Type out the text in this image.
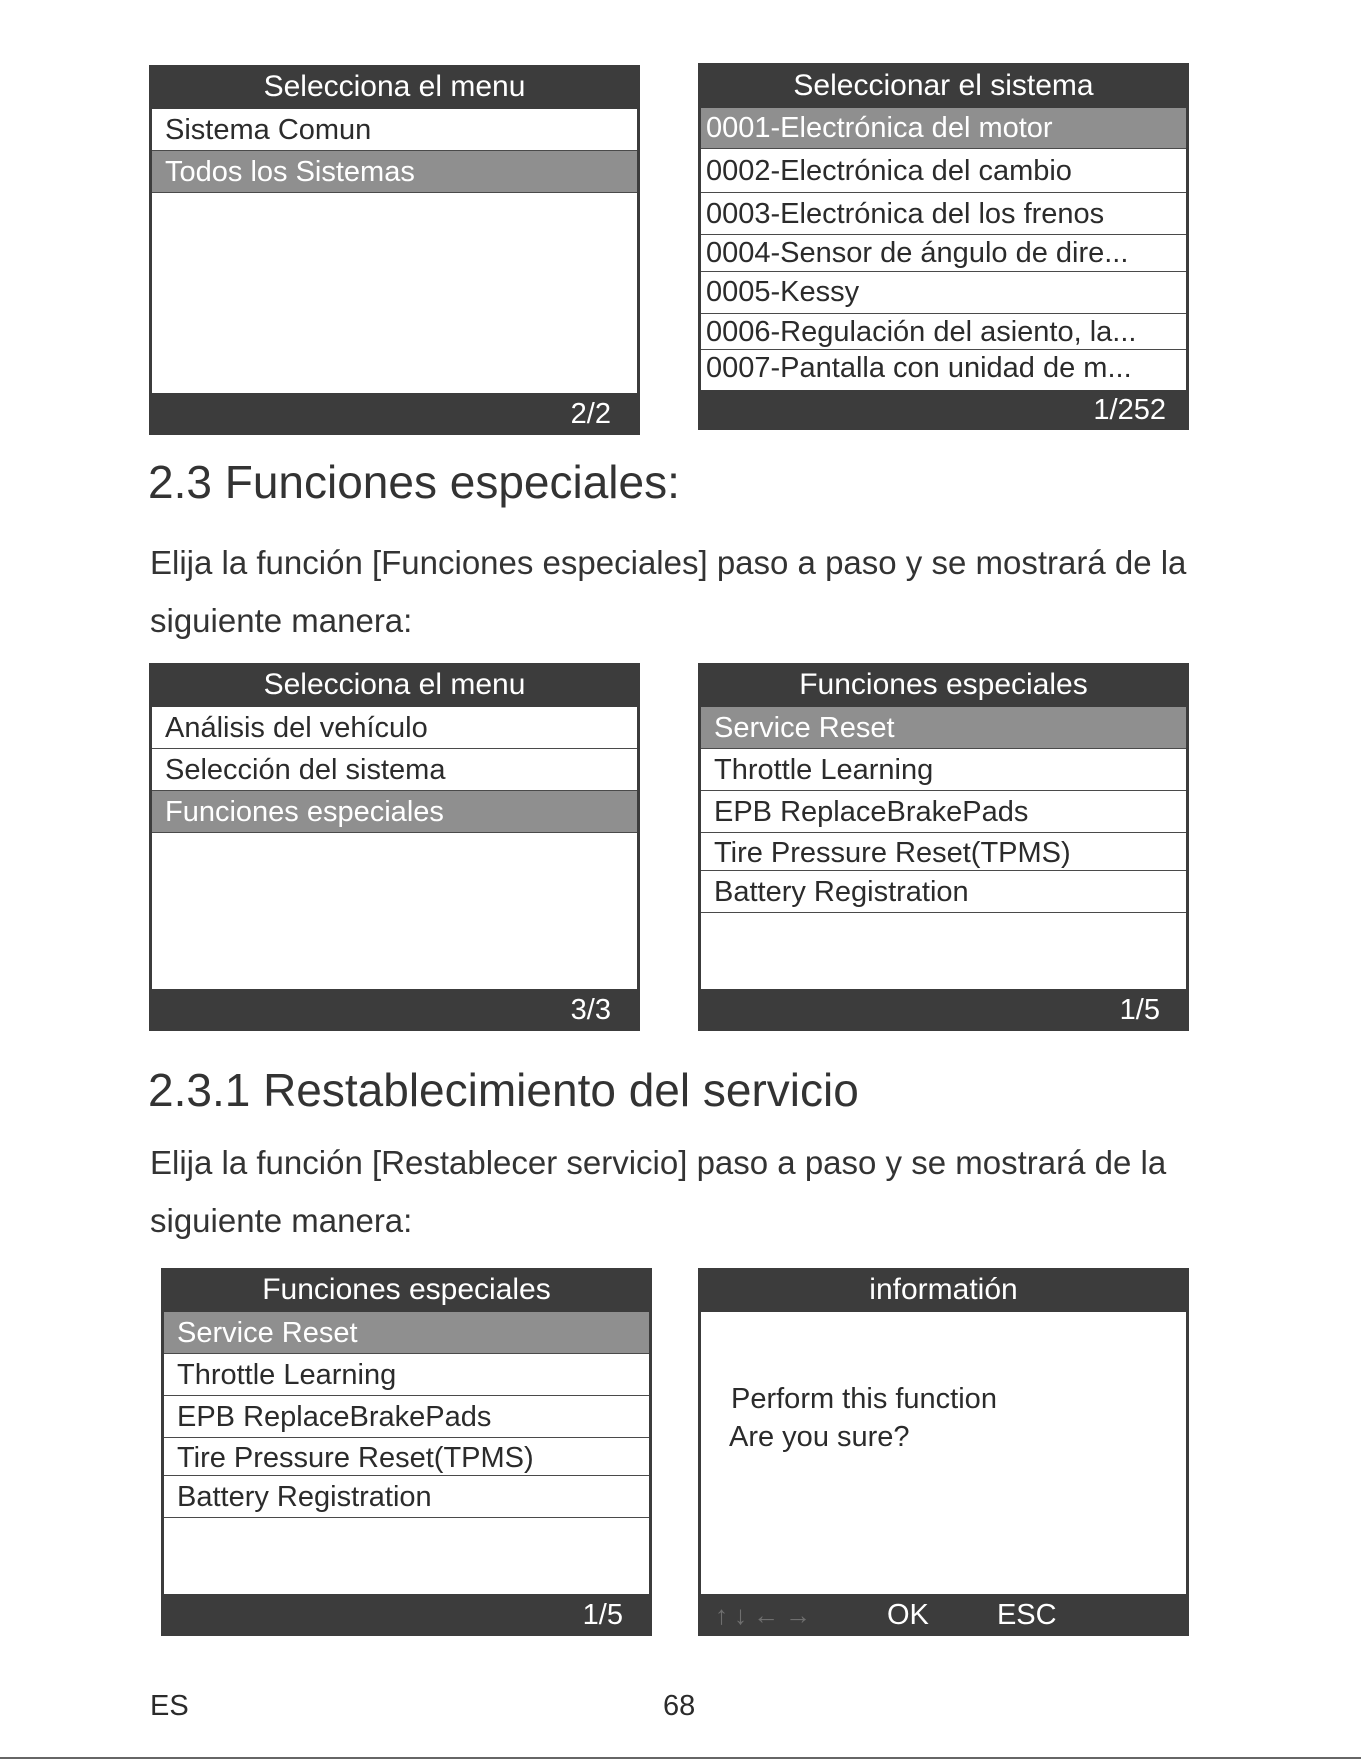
Selecciona el menu
Sistema Comun
Todos los Sistemas
2/2
Seleccionar el sistema
0001-Electrónica del motor
0002-Electrónica del cambio
0003-Electrónica del los frenos
0004-Sensor de ángulo de dire...
0005-Kessy
0006-Regulación del asiento, la...
0007-Pantalla con unidad de m...
1/252
2.3 Funciones especiales:
Elija la función [Funciones especiales] paso a paso y se mostrará de la siguiente manera:
Selecciona el menu
Análisis del vehículo
Selección del sistema
Funciones especiales
3/3
Funciones especiales
Service Reset
Throttle Learning
EPB ReplaceBrakePads
Tire Pressure Reset(TPMS)
Battery Registration
1/5
2.3.1 Restablecimiento del servicio
Elija la función [Restablecer servicio] paso a paso y se mostrará de la siguiente manera:
Funciones especiales
Service Reset
Throttle Learning
EPB ReplaceBrakePads
Tire Pressure Reset(TPMS)
Battery Registration
1/5
informatión
Perform this function
Are you sure?
↑↓←→ OK ESC
ES	68
